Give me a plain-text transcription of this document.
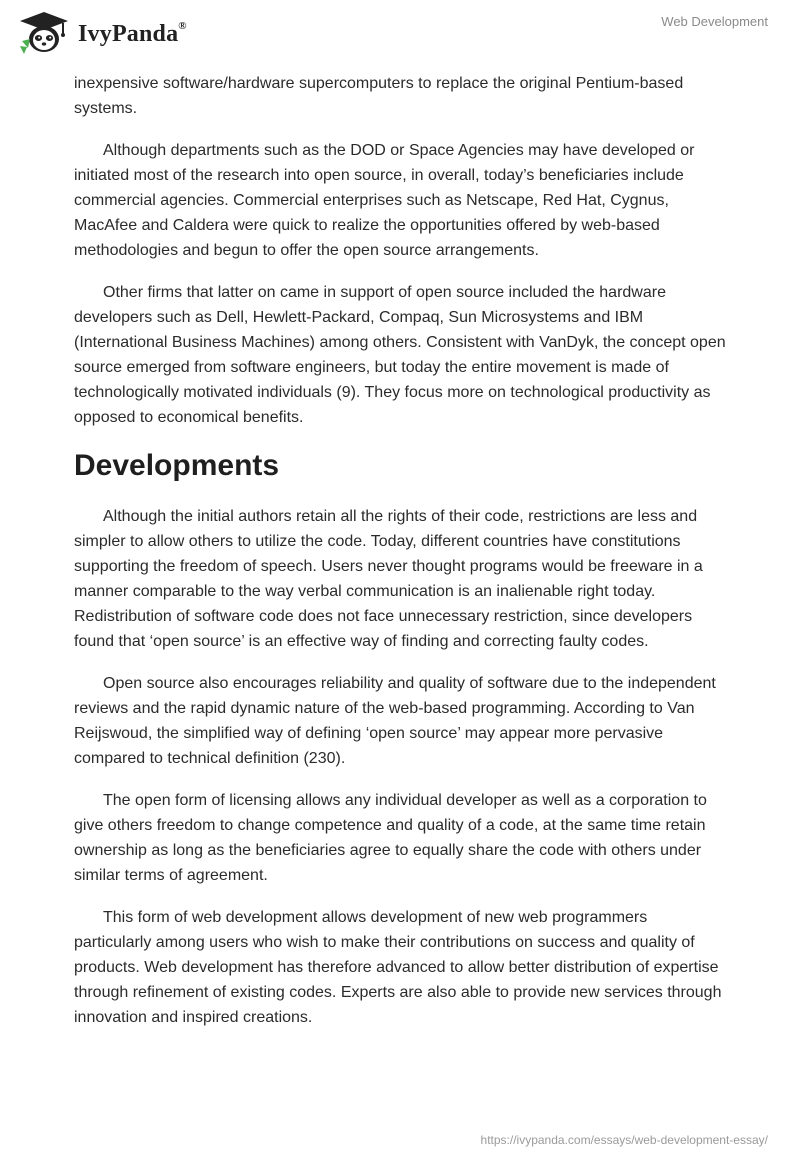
IvyPanda®	Web Development

inexpensive software/hardware supercomputers to replace the original Pentium-based systems.

Although departments such as the DOD or Space Agencies may have developed or initiated most of the research into open source, in overall, today’s beneficiaries include commercial agencies. Commercial enterprises such as Netscape, Red Hat, Cygnus, MacAfee and Caldera were quick to realize the opportunities offered by web-based methodologies and begun to offer the open source arrangements.

Other firms that latter on came in support of open source included the hardware developers such as Dell, Hewlett-Packard, Compaq, Sun Microsystems and IBM (International Business Machines) among others. Consistent with VanDyk, the concept open source emerged from software engineers, but today the entire movement is made of technologically motivated individuals (9). They focus more on technological productivity as opposed to economical benefits.

Developments

Although the initial authors retain all the rights of their code, restrictions are less and simpler to allow others to utilize the code. Today, different countries have constitutions supporting the freedom of speech. Users never thought programs would be freeware in a manner comparable to the way verbal communication is an inalienable right today. Redistribution of software code does not face unnecessary restriction, since developers found that ‘open source’ is an effective way of finding and correcting faulty codes.

Open source also encourages reliability and quality of software due to the independent reviews and the rapid dynamic nature of the web-based programming. According to Van Reijswoud, the simplified way of defining ‘open source’ may appear more pervasive compared to technical definition (230).

The open form of licensing allows any individual developer as well as a corporation to give others freedom to change competence and quality of a code, at the same time retain ownership as long as the beneficiaries agree to equally share the code with others under similar terms of agreement.

This form of web development allows development of new web programmers particularly among users who wish to make their contributions on success and quality of products. Web development has therefore advanced to allow better distribution of expertise through refinement of existing codes. Experts are also able to provide new services through innovation and inspired creations.

https://ivypanda.com/essays/web-development-essay/
